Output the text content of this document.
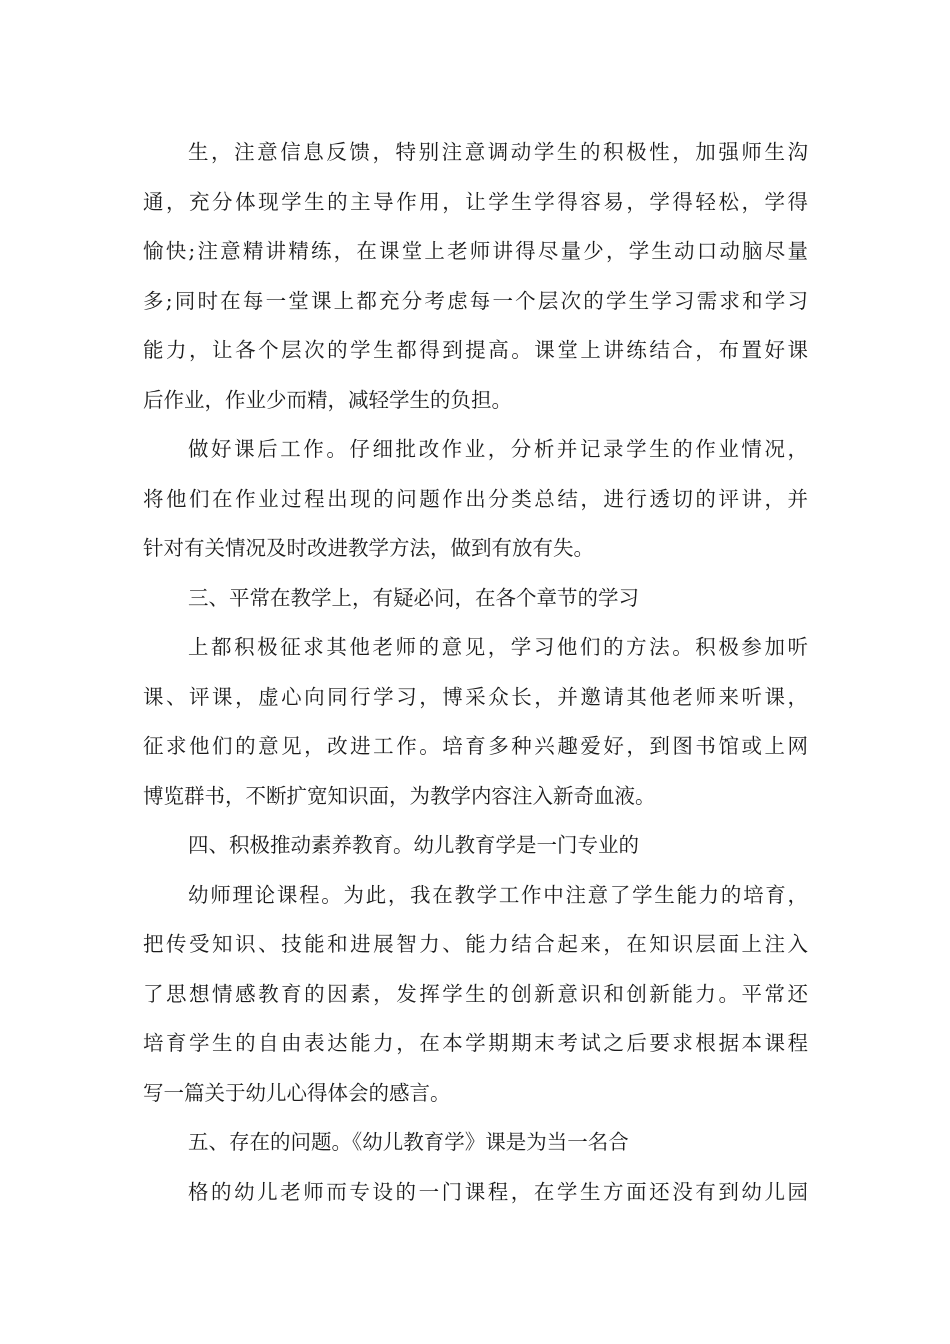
生，注意信息反馈，特别注意调动学生的积极性，加强师生沟
通，充分体现学生的主导作用，让学生学得容易，学得轻松，学得
愉快;注意精讲精练，在课堂上老师讲得尽量少，学生动口动脑尽量
多;同时在每一堂课上都充分考虑每一个层次的学生学习需求和学习
能力，让各个层次的学生都得到提高。课堂上讲练结合，布置好课
后作业，作业少而精，减轻学生的负担。
做好课后工作。仔细批改作业，分析并记录学生的作业情况，
将他们在作业过程出现的问题作出分类总结，进行透切的评讲，并
针对有关情况及时改进教学方法，做到有放有失。
三、平常在教学上，有疑必问，在各个章节的学习
上都积极征求其他老师的意见，学习他们的方法。积极参加听
课、评课，虚心向同行学习，博采众长，并邀请其他老师来听课，
征求他们的意见，改进工作。培育多种兴趣爱好，到图书馆或上网
博览群书，不断扩宽知识面，为教学内容注入新奇血液。
四、积极推动素养教育。幼儿教育学是一门专业的
幼师理论课程。为此，我在教学工作中注意了学生能力的培育，
把传受知识、技能和进展智力、能力结合起来，在知识层面上注入
了思想情感教育的因素，发挥学生的创新意识和创新能力。平常还
培育学生的自由表达能力，在本学期期末考试之后要求根据本课程
写一篇关于幼儿心得体会的感言。
五、存在的问题。《幼儿教育学》课是为当一名合
格的幼儿老师而专设的一门课程，在学生方面还没有到幼儿园
